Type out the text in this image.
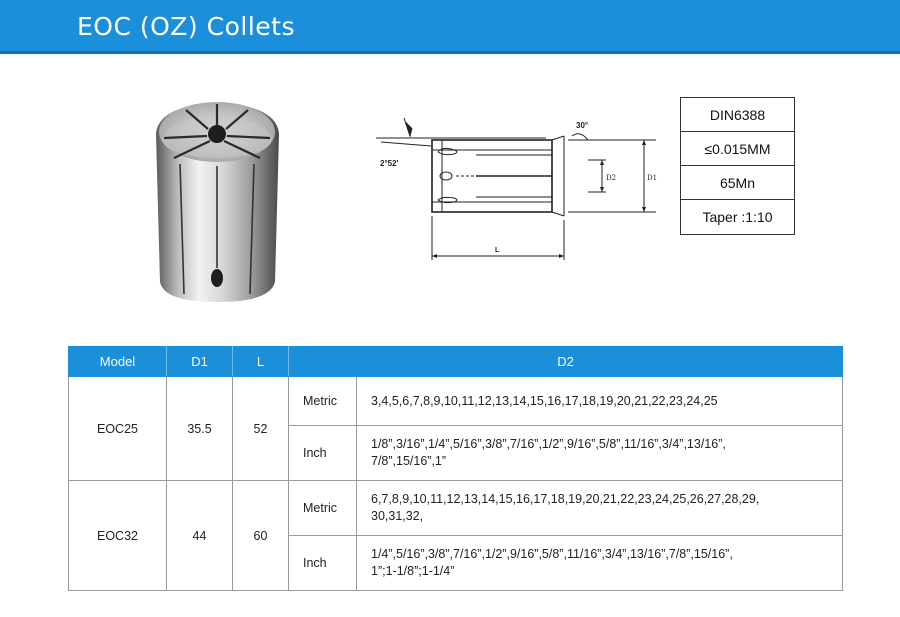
EOC (OZ) Collets
2°52'
30°
D2	D1
L
DIN6388
≤0.015MM
65Mn
Taper :1:10
Model	D1	L	D2	
EOC25	35.5	52	Metric	3,4,5,6,7,8,9,10,11,12,13,14,15,16,17,18,19,20,21,22,23,24,25
			Inch	1/8”,3/16”,1/4”,5/16”,3/8”,7/16”,1/2”,9/16”,5/8”,11/16”,3/4”,13/16”,
7/8”,15/16”,1”

EOC32	44	60	Metric	6,7,8,9,10,11,12,13,14,15,16,17,18,19,20,21,22,23,24,25,26,27,28,29,
30,31,32,

			Inch	1/4”,5/16”,3/8”,7/16”,1/2”,9/16”,5/8”,11/16”,3/4”,13/16”,7/8”,15/16”,
1”;1-1/8”;1-1/4”
